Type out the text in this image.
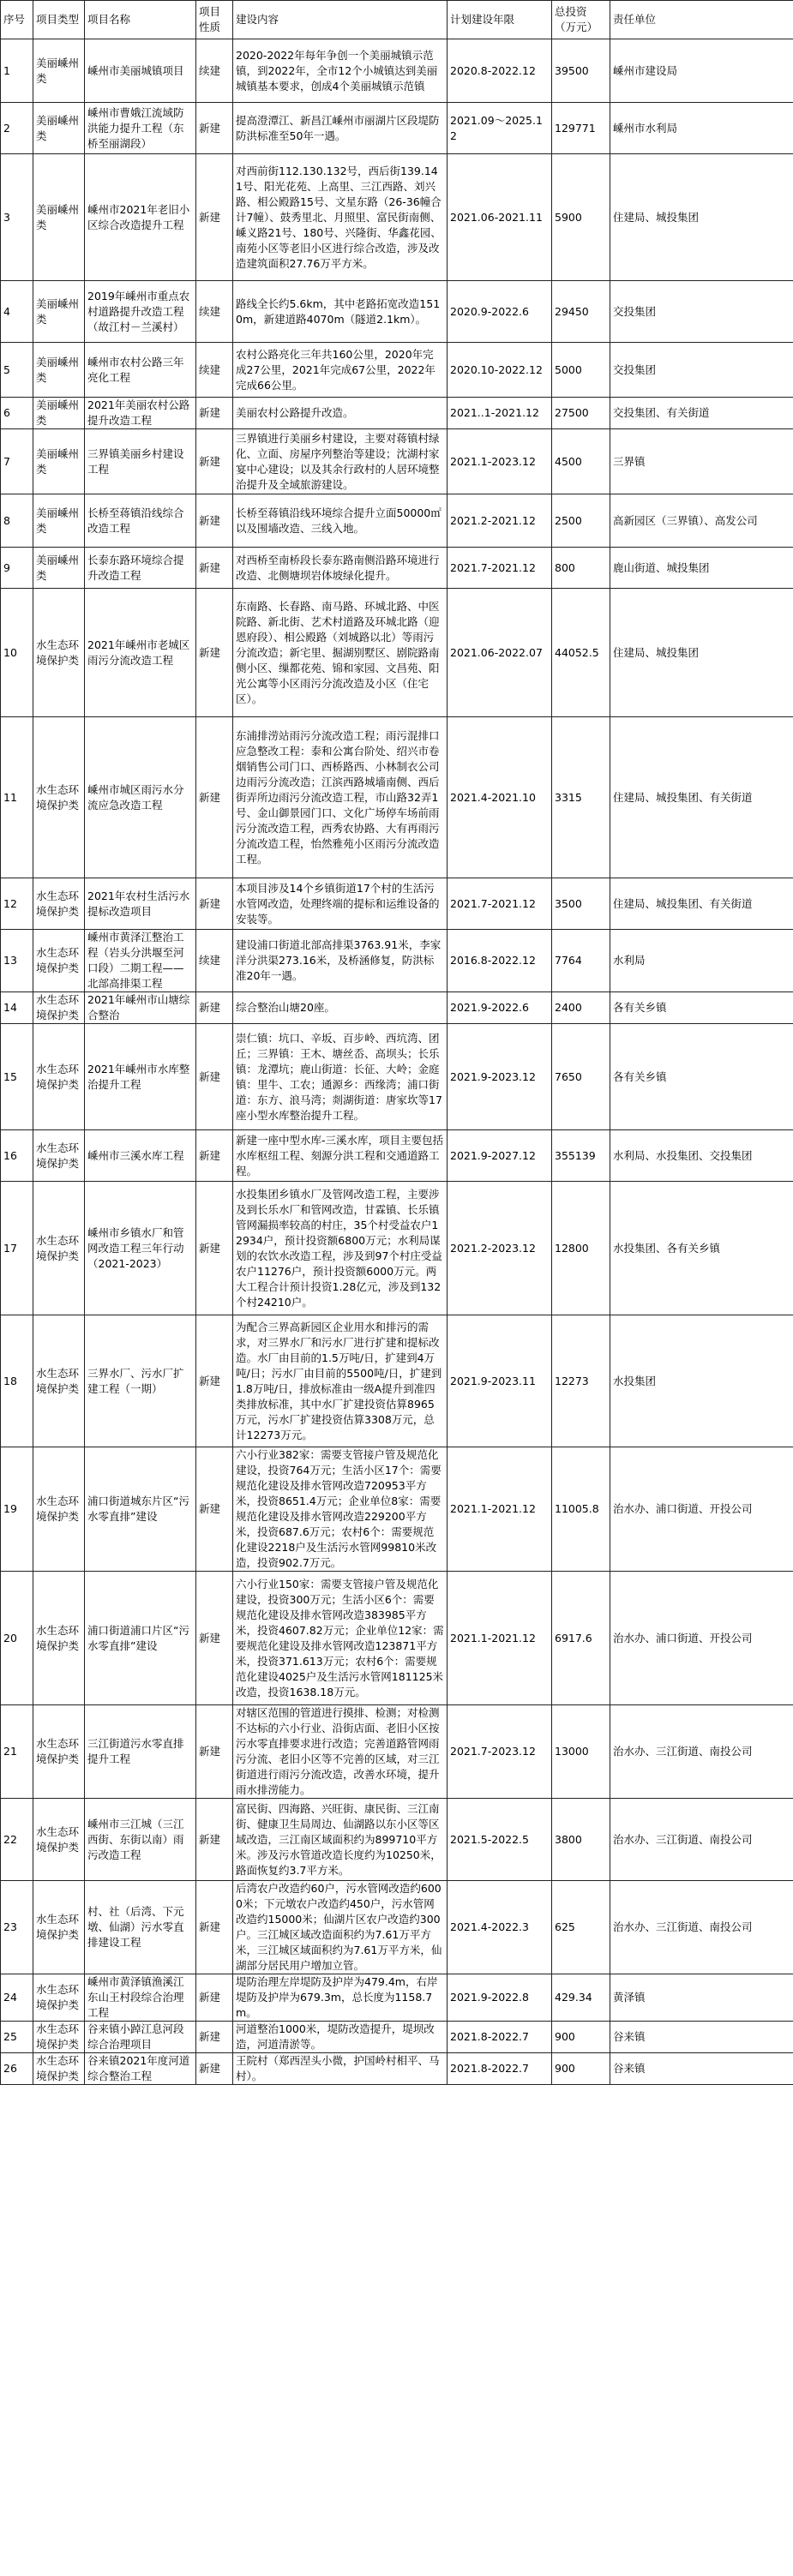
序号	项目类型	项目名称	项目性质	建设内容	计划建设年限	总投资（万元）	责任单位
1	美丽嵊州类	嵊州市美丽城镇项目	续建	2020-2022年每年争创一个美丽城镇示范镇，到2022年，全市12个小城镇达到美丽城镇基本要求，创成4个美丽城镇示范镇	2020.8-2022.12	39500	嵊州市建设局
2	美丽嵊州类	嵊州市曹娥江流域防洪能力提升工程（东桥至丽湖段）	新建	提高澄潭江、新昌江嵊州市丽湖片区段堤防防洪标准至50年一遇。	2021.09～2025.12	129771	嵊州市水利局
3	美丽嵊州类	嵊州市2021年老旧小区综合改造提升工程	新建	对西前街112.130.132号，西后街139.141号、阳光花苑、上高里、三江西路、刘兴路、相公殿路15号、文星东路（26-36幢合计7幢）、鼓秀里北、月照里、富民街南侧、嵊义路21号、180号、兴隆街、华鑫花园、南苑小区等老旧小区进行综合改造，涉及改造建筑面积27.76万平方米。	2021.06-2021.11	5900	住建局、城投集团
4	美丽嵊州类	2019年嵊州市重点农村道路提升改造工程（故江村－兰溪村）	续建	路线全长约5.6km，其中老路拓宽改造1510m，新建道路4070m（隧道2.1km）。	2020.9-2022.6	29450	交投集团
5	美丽嵊州类	嵊州市农村公路三年亮化工程	续建	农村公路亮化三年共160公里，2020年完成27公里，2021年完成67公里，2022年完成66公里。	2020.10-2022.12	5000	交投集团
6	美丽嵊州类	2021年美丽农村公路提升改造工程	新建	美丽农村公路提升改造。	2021..1-2021.12	27500	交投集团、有关街道
7	美丽嵊州类	三界镇美丽乡村建设工程	新建	三界镇进行美丽乡村建设，主要对蒋镇村绿化、立面、房屋序列整治等建设；沈湖村家宴中心建设；以及其余行政村的人居环境整治提升及全域旅游建设。	2021.1-2023.12	4500	三界镇
8	美丽嵊州类	长桥至蒋镇沿线综合改造工程	新建	长桥至蒋镇沿线环境综合提升立面50000㎡以及围墙改造、三线入地。	2021.2-2021.12	2500	高新园区（三界镇）、高发公司
9	美丽嵊州类	长泰东路环境综合提升改造工程	新建	对西桥至南桥段长泰东路南侧沿路环境进行改造、北侧塘坝岩体坡绿化提升。	2021.7-2021.12	800	鹿山街道、城投集团
10	水生态环境保护类	2021年嵊州市老城区雨污分流改造工程	新建	东南路、长春路、南马路、环城北路、中医院路、新北街、艺术村道路及环城北路（迎恩府段）、相公殿路（刘城路以北）等雨污分流改造；新宅里、掘湖别墅区、剧院路南侧小区、缫都花苑、锦和家园、文昌苑、阳光公寓等小区雨污分流改造及小区（住宅区）。	2021.06-2022.07	44052.5	住建局、城投集团
11	水生态环境保护类	嵊州市城区雨污水分流应急改造工程	新建	东浦排涝站雨污分流改造工程；雨污混排口应急整改工程：泰和公寓台阶处、绍兴市卷烟销售公司门口、西桥路西、小林制衣公司边雨污分流改造；江滨西路城墙南侧、西后街弄所边雨污分流改造工程，市山路32弄1号、金山御景园门口、文化广场停车场前雨污分流改造工程，西秀农协路、大有再雨污分流改造工程，怡然雅苑小区雨污分流改造工程。	2021.4-2021.10	3315	住建局、城投集团、有关街道
12	水生态环境保护类	2021年农村生活污水提标改造项目	新建	本项目涉及14个乡镇街道17个村的生活污水管网改造，处理终端的提标和运维设备的安装等。	2021.7-2021.12	3500	住建局、城投集团、有关街道
13	水生态环境保护类	嵊州市黄泽江整治工程（岩头分洪堰至河口段）二期工程——北部高排渠工程	续建	建设浦口街道北部高排渠3763.91米，李家洋分洪渠273.16米，及桥涵修复，防洪标准20年一遇。	2016.8-2022.12	7764	水利局
14	水生态环境保护类	2021年嵊州市山塘综合整治	新建	综合整治山塘20座。	2021.9-2022.6	2400	各有关乡镇
15	水生态环境保护类	2021年嵊州市水库整治提升工程	新建	崇仁镇：坑口、辛坂、百步岭、西坑湾、团丘；三界镇：王木、塘丝岙、高坝头；长乐镇：龙潭坑；鹿山街道：长征、大岭；金庭镇：里牛、工农；通源乡：西缘湾；浦口街道：东方、浪马湾；剡湖街道：唐家坎等17座小型水库整治提升工程。	2021.9-2023.12	7650	各有关乡镇
16	水生态环境保护类	嵊州市三溪水库工程	新建	新建一座中型水库-三溪水库，项目主要包括水库枢纽工程、刻源分洪工程和交通道路工程。	2021.9-2027.12	355139	水利局、水投集团、交投集团
17	水生态环境保护类	嵊州市乡镇水厂和管网改造工程三年行动（2021-2023）	新建	水投集团乡镇水厂及管网改造工程，主要涉及到长乐水厂和管网改造，甘霖镇、长乐镇管网漏损率较高的村庄，35个村受益农户12934户，预计投资额6800万元；水利局谋划的农饮水改造工程，涉及到97个村庄受益农户11276户，预计投资额6000万元。两大工程合计预计投资1.28亿元，涉及到132个村24210户。	2021.2-2023.12	12800	水投集团、各有关乡镇
18	水生态环境保护类	三界水厂、污水厂扩建工程（一期）	新建	为配合三界高新园区企业用水和排污的需求，对三界水厂和污水厂进行扩建和提标改造。水厂由目前的1.5万吨/日，扩建到4万吨/日；污水厂由目前的5500吨/日，扩建到1.8万吨/日，排放标准由一级A提升到准四类排放标准，其中水厂扩建投资估算8965万元，污水厂扩建投资估算3308万元，总计12273万元。	2021.9-2023.11	12273	水投集团
19	水生态环境保护类	浦口街道城东片区“污水零直排”建设	新建	六小行业382家：需要支管接户管及规范化建设，投资764万元；生活小区17个：需要规范化建设及排水管网改造720953平方米，投资8651.4万元；企业单位8家：需要规范化建设及排水管网改造229200平方米，投资687.6万元；农村6个：需要规范化建设2218户及生活污水管网99810米改造，投资902.7万元。	2021.1-2021.12	11005.8	治水办、浦口街道、开投公司
20	水生态环境保护类	浦口街道浦口片区“污水零直排”建设	新建	六小行业150家：需要支管接户管及规范化建设，投资300万元；生活小区6个：需要规范化建设及排水管网改造383985平方米，投资4607.82万元；企业单位12家：需要规范化建设及排水管网改造123871平方米，投资371.613万元；农村6个：需要规范化建设4025户及生活污水管网181125米改造，投资1638.18万元。	2021.1-2021.12	6917.6	治水办、浦口街道、开投公司
21	水生态环境保护类	三江街道污水零直排提升工程	新建	对辖区范围的管道进行摸排、检测；对检测不达标的六小行业、沿街店面、老旧小区按污水零直排要求进行改造；完善道路管网雨污分流、老旧小区等不完善的区域，对三江街道进行雨污分流改造，改善水环境，提升雨水排涝能力。	2021.7-2023.12	13000	治水办、三江街道、南投公司
22	水生态环境保护类	嵊州市三江城（三江西街、东街以南）雨污改造工程	新建	富民街、四海路、兴旺街、康民街、三江南街、健康卫生局周边、仙湖路以东小区等区域改造，三江南区域面积约为899710平方米。涉及污水管道改造长度约为10250米，路面恢复约3.7平方米。	2021.5-2022.5	3800	治水办、三江街道、南投公司
23	水生态环境保护类	村、社（后湾、下元墩、仙湖）污水零直排建设工程	新建	后湾农户改造约60户，污水管网改造约6000米；下元墩农户改造约450户，污水管网改造约15000米；仙湖片区农户改造约300户。三江城区域改造面积约为7.61万平方米，三江城区域面积约为7.61万平方米，仙湖部分居民用户增加立管。	2021.4-2022.3	625	治水办、三江街道、南投公司
24	水生态环境保护类	嵊州市黄泽镇渔溪江东山王村段综合治理工程	新建	堤防治理左岸堤防及护岸为479.4m，右岸堤防及护岸为679.3m，总长度为1158.7m。	2021.9-2022.8	429.34	黄泽镇
25	水生态环境保护类	谷来镇小踔江息河段综合治理项目	新建	河道整治1000米，堤防改造提升，堤坝改造，河道清淤等。	2021.8-2022.7	900	谷来镇
26	水生态环境保护类	谷来镇2021年度河道综合整治工程	新建	王院村（郑西涅头小微，护国岭村相平、马村）。	2021.8-2022.7	900	谷来镇
